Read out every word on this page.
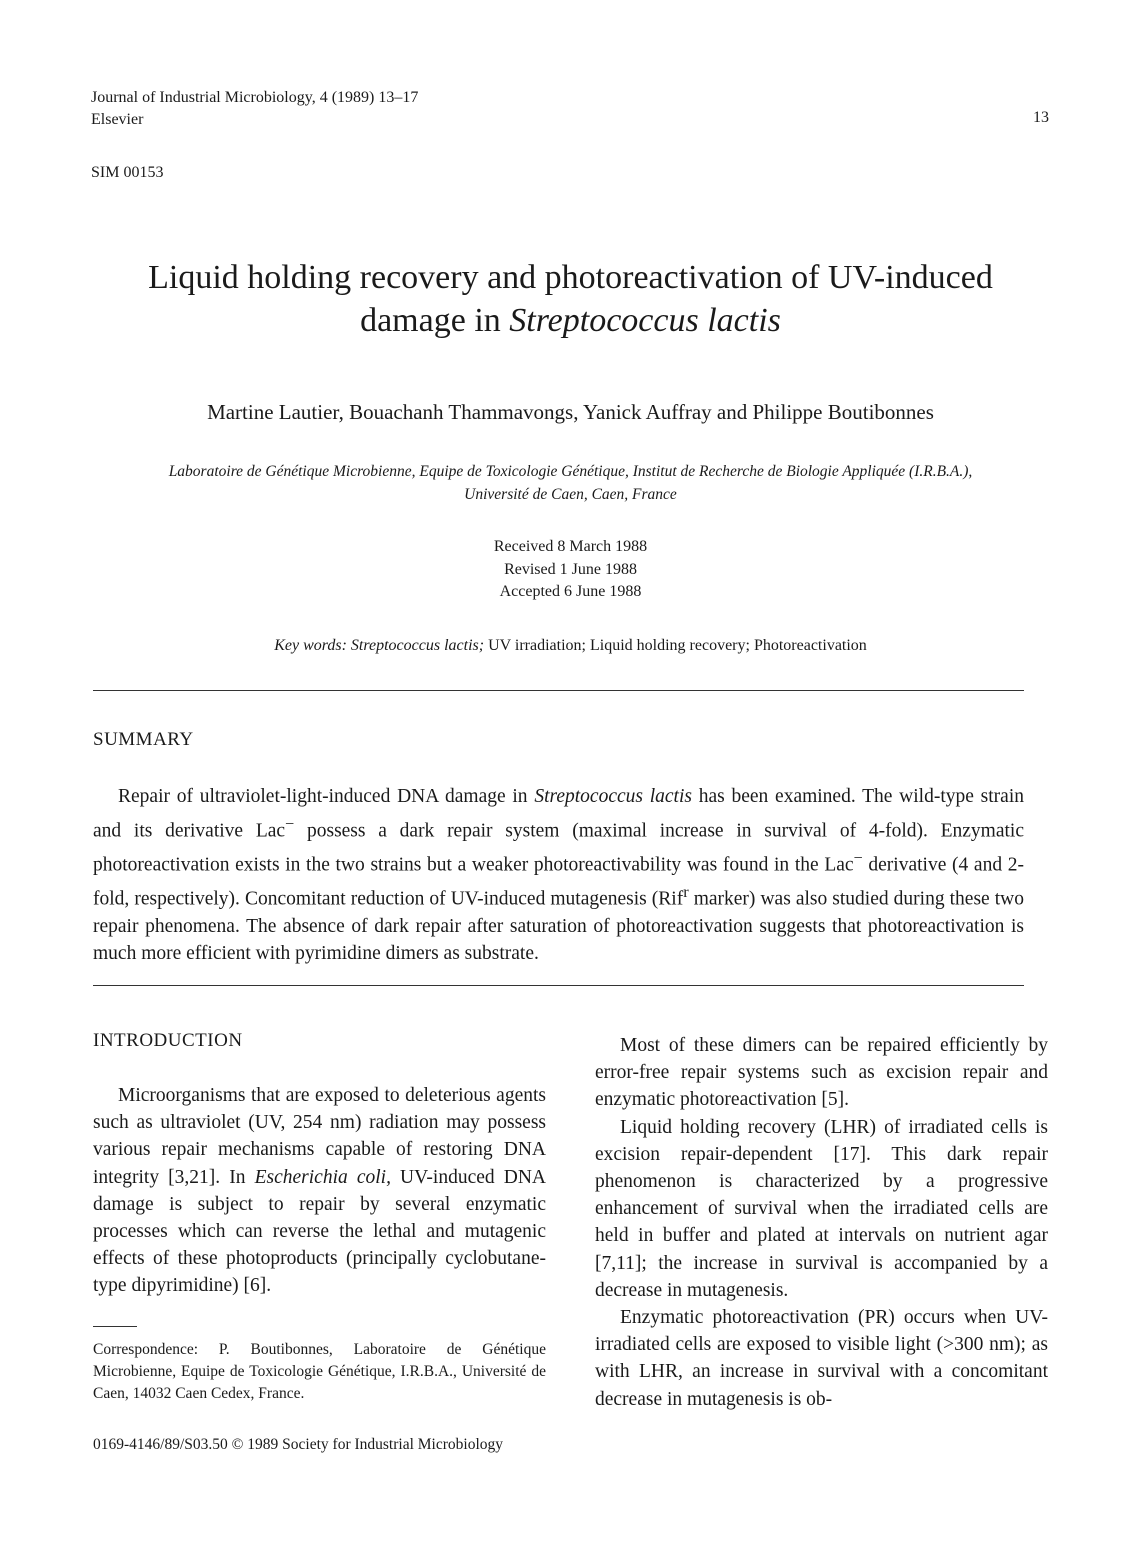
Journal of Industrial Microbiology, 4 (1989) 13–17
Elsevier	13
SIM 00153
Liquid holding recovery and photoreactivation of UV-induced
damage in Streptococcus lactis
Martine Lautier, Bouachanh Thammavongs, Yanick Auffray and Philippe Boutibonnes
Laboratoire de Génétique Microbienne, Equipe de Toxicologie Génétique, Institut de Recherche de Biologie Appliquée (I.R.B.A.),
Université de Caen, Caen, France
Received 8 March 1988
Revised 1 June 1988
Accepted 6 June 1988
Key words: Streptococcus lactis; UV irradiation; Liquid holding recovery; Photoreactivation
SUMMARY
Repair of ultraviolet-light-induced DNA damage in Streptococcus lactis has been examined. The wild-type strain and its derivative Lac− possess a dark repair system (maximal increase in survival of 4-fold). Enzymatic photoreactivation exists in the two strains but a weaker photoreactivability was found in the Lac− derivative (4 and 2-fold, respectively). Concomitant reduction of UV-induced mutagenesis (Rif$^r$ marker) was also studied during these two repair phenomena. The absence of dark repair after saturation of photoreactivation suggests that photoreactivation is much more efficient with pyrimidine dimers as substrate.
INTRODUCTION

Microorganisms that are exposed to deleterious agents such as ultraviolet (UV, 254 nm) radiation may possess various repair mechanisms capable of restoring DNA integrity [3,21]. In Escherichia coli, UV-induced DNA damage is subject to repair by several enzymatic processes which can reverse the lethal and mutagenic effects of these photoproducts (principally cyclobutane-type dipyrimidine) [6].

Most of these dimers can be repaired efficiently by error-free repair systems such as excision repair and enzymatic photoreactivation [5].

Liquid holding recovery (LHR) of irradiated cells is excision repair-dependent [17]. This dark repair phenomenon is characterized by a progressive enhancement of survival when the irradiated cells are held in buffer and plated at intervals on nutrient agar [7,11]; the increase in survival is accompanied by a decrease in mutagenesis.

Enzymatic photoreactivation (PR) occurs when UV-irradiated cells are exposed to visible light (>300 nm); as with LHR, an increase in survival with a concomitant decrease in mutagenesis is ob-

Correspondence: P. Boutibonnes, Laboratoire de Génétique Microbienne, Equipe de Toxicologie Génétique, I.R.B.A., Université de Caen, 14032 Caen Cedex, France.
0169-4146/89/S03.50 © 1989 Society for Industrial Microbiology
